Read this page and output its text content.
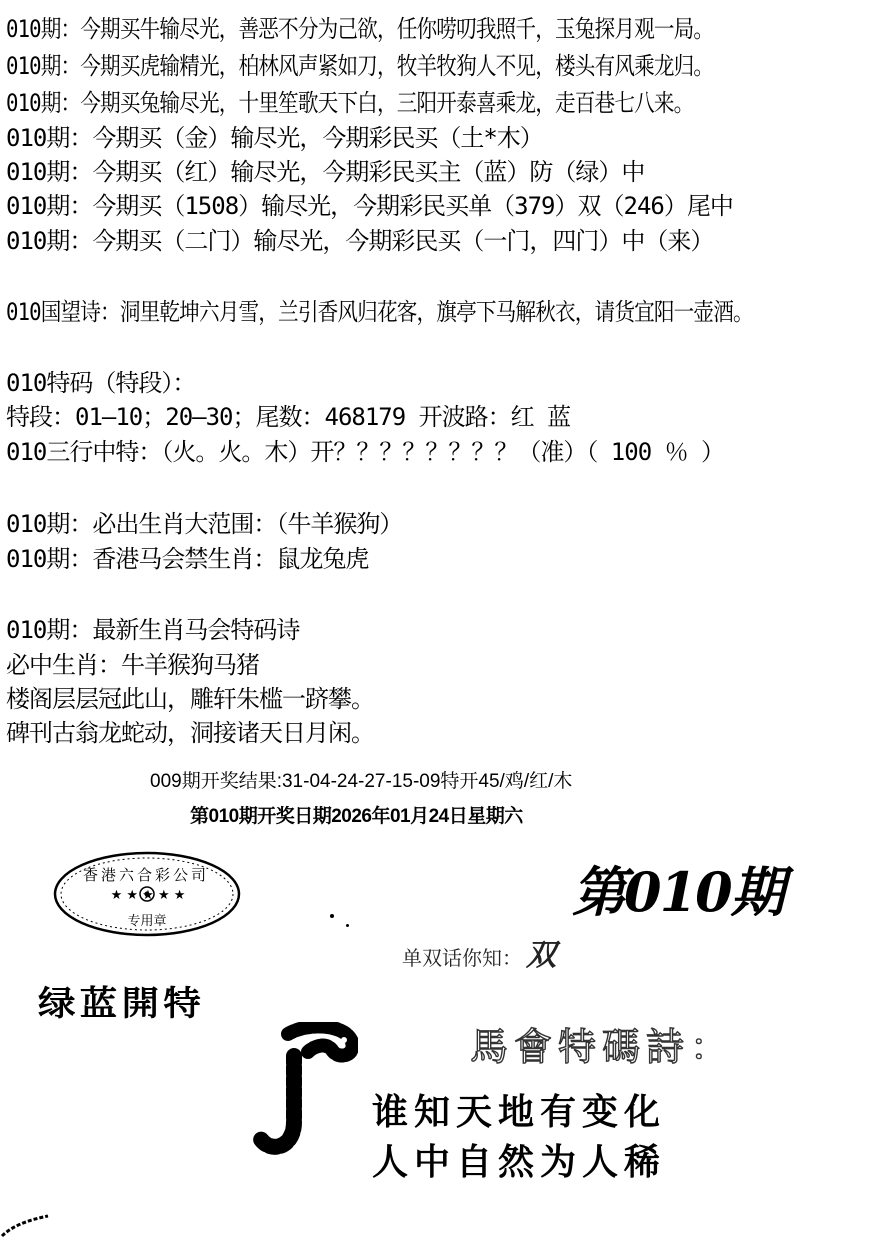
010期：今期买牛输尽光，善恶不分为己欲，任你唠叨我照千，玉兔探月观一局。
010期：今期买虎输精光，柏林风声紧如刀，牧羊牧狗人不见，楼头有风乘龙归。
010期：今期买兔输尽光，十里笙歌天下白，三阳开泰喜乘龙，走百巷七八来。
010期：今期买（金）输尽光，今期彩民买（土*木）
010期：今期买（红）输尽光，今期彩民买主（蓝）防（绿）中
010期：今期买（1508）输尽光，今期彩民买单（379）双（246）尾中
010期：今期买（二门）输尽光，今期彩民买（一门，四门）中（来）
010国望诗：洞里乾坤六月雪，兰引香风归花客，旗亭下马解秋衣，请货宜阳一壶酒。
010特码（特段）：
特段：01—10；20—30；尾数：468179 开波路：红 蓝
010三行中特：（火。火。木）开？？？？？？？？（准）（ 100 ％ ）
010期：必出生肖大范围：（牛羊猴狗）
010期：香港马会禁生肖：鼠龙兔虎
010期：最新生肖马会特码诗
必中生肖：牛羊猴狗马猪
楼阁层层冠此山，雕轩朱槛一跻攀。
碑刊古翁龙蛇动，洞接诸天日月闲。
009期开奖结果:31-04-24-27-15-09特开45/鸡/红/木
第010期开奖日期2026年01月24日星期六
香港六合彩公司
★ ★ ★ ★ ★
专用章	第010期
单双话你知： 双
绿蓝開特
馬會特碼詩：
谁知天地有变化
人中自然为人稀
